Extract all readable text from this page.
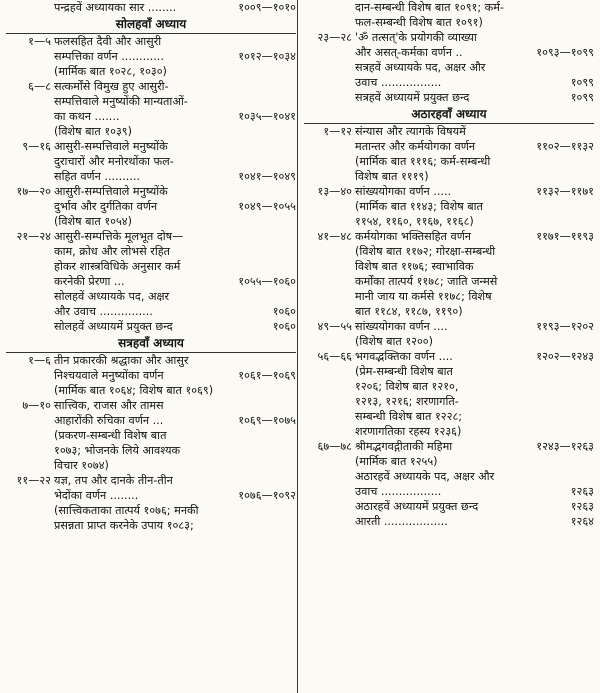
पन्द्रहवें अध्यायका सार ........	१००९—१०१०
सोलहवाँ अध्याय
१—५ फलसहित दैवी और आसुरी
सम्पत्तिका वर्णन ............	१०१२—१०३४
(मार्मिक बात १०२८, १०३०)
६—८ सत्कर्मोंसे विमुख हुए आसुरी-
सम्पत्तिवाले मनुष्योंकी मान्यताओं-
का कथन .......	१०३५—१०४१
(विशेष बात १०३९)
९—१६ आसुरी-सम्पत्तिवाले मनुष्योंके
दुराचारों और मनोरथोंका फल-
सहित वर्णन ..........	१०४१—१०४९
१७—२० आसुरी-सम्पत्तिवाले मनुष्योंके
दुर्भाव और दुर्गतिका वर्णन	१०४९—१०५५
(विशेष बात १०५४)
२१—२४ आसुरी-सम्पत्तिके मूलभूत दोष—
काम, क्रोध और लोभसे रहित
होकर शास्त्रविधिके अनुसार कर्म
करनेकी प्रेरणा ...	१०५५—१०६०
सोलहवें अध्यायके पद, अक्षर
और उवाच ...............	१०६०
सोलहवें अध्यायमें प्रयुक्त छन्द	१०६०
सत्रहवाँ अध्याय
१—६ तीन प्रकारकी श्रद्धाका और आसुर
निश्चयवाले मनुष्योंका वर्णन	१०६१—१०६९
(मार्मिक बात १०६४; विशेष बात १०६९)
७—१० सात्त्विक, राजस और तामस
आहारोंकी रुचिका वर्णन ...	१०६९—१०७५
(प्रकरण-सम्बन्धी विशेष बात
१०७३; भोजनके लिये आवश्यक
विचार १०७४)
११—२२ यज्ञ, तप और दानके तीन-तीन
भेदोंका वर्णन ........	१०७६—१०९२
(सात्त्विकताका तात्पर्य १०७६; मनकी
प्रसन्नता प्राप्त करनेके उपाय १०८३;
दान-सम्बन्धी विशेष बात १०९१; कर्म-
फल-सम्बन्धी विशेष बात १०९१)
२३—२८ 'ॐ तत्सत्'के प्रयोगकी व्याख्या
और असत्-कर्मका वर्णन ..	१०९३—१०९९
सत्रहवें अध्यायके पद, अक्षर और
उवाच .................	१०९९
सत्रहवें अध्यायमें प्रयुक्त छन्द	१०९९
अठारहवाँ अध्याय
१—१२ संन्यास और त्यागके विषयमें
मतान्तर और कर्मयोगका वर्णन	११०२—११३२
(मार्मिक बात १११६; कर्म-सम्बन्धी
विशेष बात १११९)
१३—४० सांख्ययोगका वर्णन .....	११३२—११७१
(मार्मिक बात ११४३; विशेष बात
११५४, ११६०, ११६७, ११६८)
४१—४८ कर्मयोगका भक्तिसहित वर्णन	११७१—११९३
(विशेष बात ११७२; गोरक्षा-सम्बन्धी
विशेष बात ११७६; स्वाभाविक
कर्मोंका तात्पर्य ११७८; जाति जन्मसे
मानी जाय या कर्मसे ११७८; विशेष
बात ११८४, ११८७, ११९०)
४९—५५ सांख्ययोगका वर्णन ....	११९३—१२०२
(विशेष बात १२००)
५६—६६ भगवद्भक्तिका वर्णन ....	१२०२—१२४३
(प्रेम-सम्बन्धी विशेष बात
१२०६; विशेष बात १२१०,
१२१३, १२१६; शरणागति-
सम्बन्धी विशेष बात १२२८;
शरणागतिका रहस्य १२३६)
६७—७८ श्रीमद्भगवद्गीताकी महिमा	१२४३—१२६३
(मार्मिक बात १२५५)
अठारहवें अध्यायके पद, अक्षर और
उवाच .................	१२६३
अठारहवें अध्यायमें प्रयुक्त छन्द	१२६३
आरती ..................	१२६४
